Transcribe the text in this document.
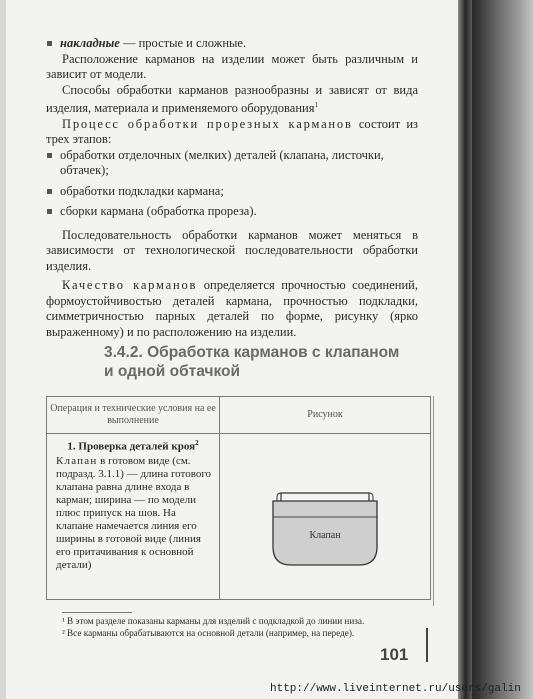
накладные — простые и сложные.

Расположение карманов на изделии может быть различным и зависит от модели.

Способы обработки карманов разнообразны и зависят от вида изделия, материала и применяемого оборудования$^1$

Процесс обработки прорезных карманов состоит из трех этапов:

обработки отделочных (мелких) деталей (клапана, листочки, обтачек);

обработки подкладки кармана;

сборки кармана (обработка прореза).

Последовательность обработки карманов может меняться в зависимости от технологической последовательности обработки изделия.

Качество карманов определяется прочностью соединений, формоустойчивостью деталей кармана, прочностью подкладки, симметричностью парных деталей по форме, рисунку (ярко выраженному) и по расположению на изделии.

3.4.2. Обработка карманов с клапаном
и одной обтачкой
Операция и технические условия на ее выполнение	Рисунок

1. Проверка деталей кроя$^2$
Клапан в готовом виде (см. подразд. 3.1.1) — длина готового клапана равна длине входа в карман; ширина — по модели плюс припуск на шов. На клапане намечается линия его ширины в готовой виде (линия его притачивания к основной детали)	Клапан
¹ В этом разделе показаны карманы для изделий с подкладкой до линии низа.
² Все карманы обрабатываются на основной детали (например, на переде).
101
http://www.liveinternet.ru/users/galin
